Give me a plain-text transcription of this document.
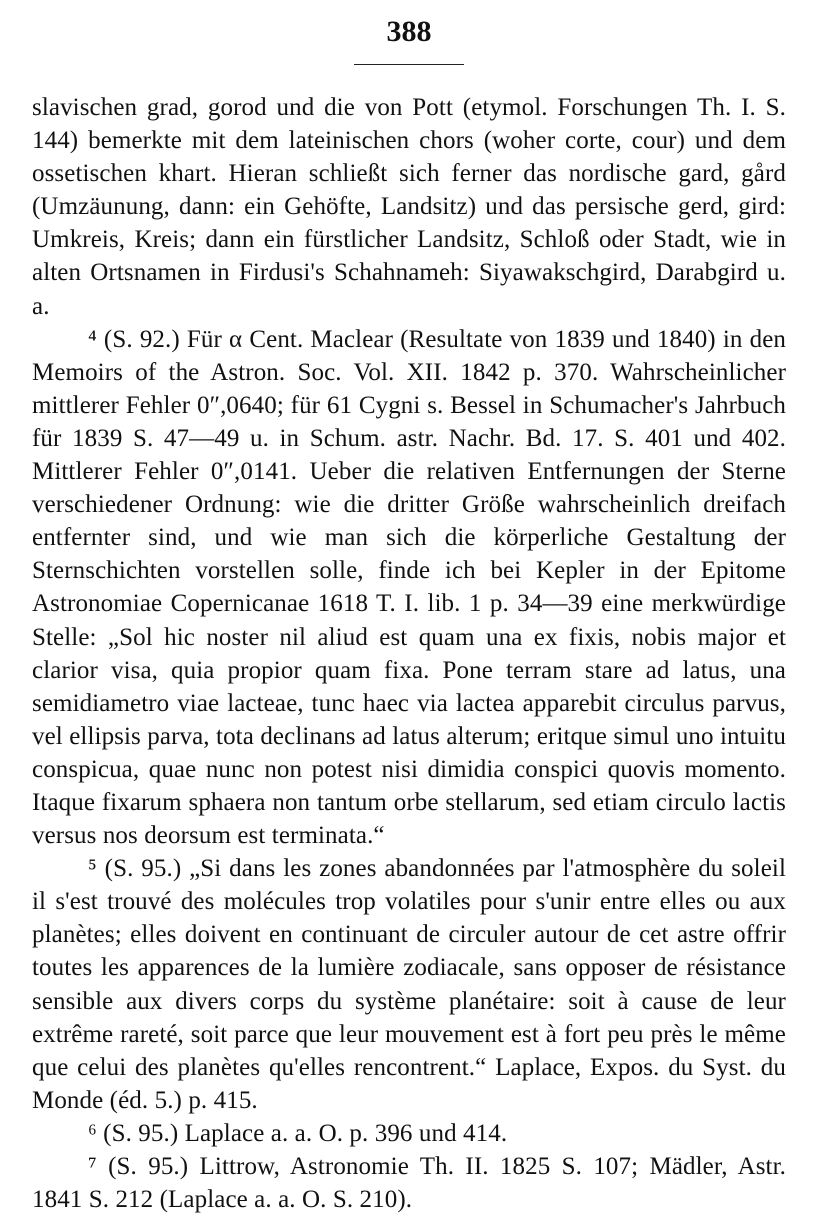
388

slavischen grad, gorod und die von Pott (etymol. Forschungen Th. I. S. 144) bemerkte mit dem lateinischen chors (woher corte, cour) und dem ossetischen khart. Hieran schließt sich ferner das nordische gard, gård (Umzäunung, dann: ein Gehöfte, Landsitz) und das persische gerd, gird: Umkreis, Kreis; dann ein fürstlicher Landsitz, Schloß oder Stadt, wie in alten Ortsnamen in Firdusi's Schahnameh: Siyawakschgird, Darabgird u. a.

⁴ (S. 92.) Für α Cent. Maclear (Resultate von 1839 und 1840) in den Memoirs of the Astron. Soc. Vol. XII. 1842 p. 370. Wahrscheinlicher mittlerer Fehler 0″,0640; für 61 Cygni s. Bessel in Schumacher's Jahrbuch für 1839 S. 47—49 u. in Schum. astr. Nachr. Bd. 17. S. 401 und 402. Mittlerer Fehler 0″,0141. Ueber die relativen Entfernungen der Sterne verschiedener Ordnung: wie die dritter Größe wahrscheinlich dreifach entfernter sind, und wie man sich die körperliche Gestaltung der Sternschichten vorstellen solle, finde ich bei Kepler in der Epitome Astronomiae Copernicanae 1618 T. I. lib. 1 p. 34—39 eine merkwürdige Stelle: „Sol hic noster nil aliud est quam una ex fixis, nobis major et clarior visa, quia propior quam fixa. Pone terram stare ad latus, una semidiametro viae lacteae, tunc haec via lactea apparebit circulus parvus, vel ellipsis parva, tota declinans ad latus alterum; eritque simul uno intuitu conspicua, quae nunc non potest nisi dimidia conspici quovis momento. Itaque fixarum sphaera non tantum orbe stellarum, sed etiam circulo lactis versus nos deorsum est terminata.“

⁵ (S. 95.) „Si dans les zones abandonnées par l'atmosphère du soleil il s'est trouvé des molécules trop volatiles pour s'unir entre elles ou aux planètes; elles doivent en continuant de circuler autour de cet astre offrir toutes les apparences de la lumière zodiacale, sans opposer de résistance sensible aux divers corps du système planétaire: soit à cause de leur extrême rareté, soit parce que leur mouvement est à fort peu près le même que celui des planètes qu'elles rencontrent.“ Laplace, Expos. du Syst. du Monde (éd. 5.) p. 415.

⁶ (S. 95.) Laplace a. a. O. p. 396 und 414.

⁷ (S. 95.) Littrow, Astronomie Th. II. 1825 S. 107; Mädler, Astr. 1841 S. 212 (Laplace a. a. O. S. 210).
